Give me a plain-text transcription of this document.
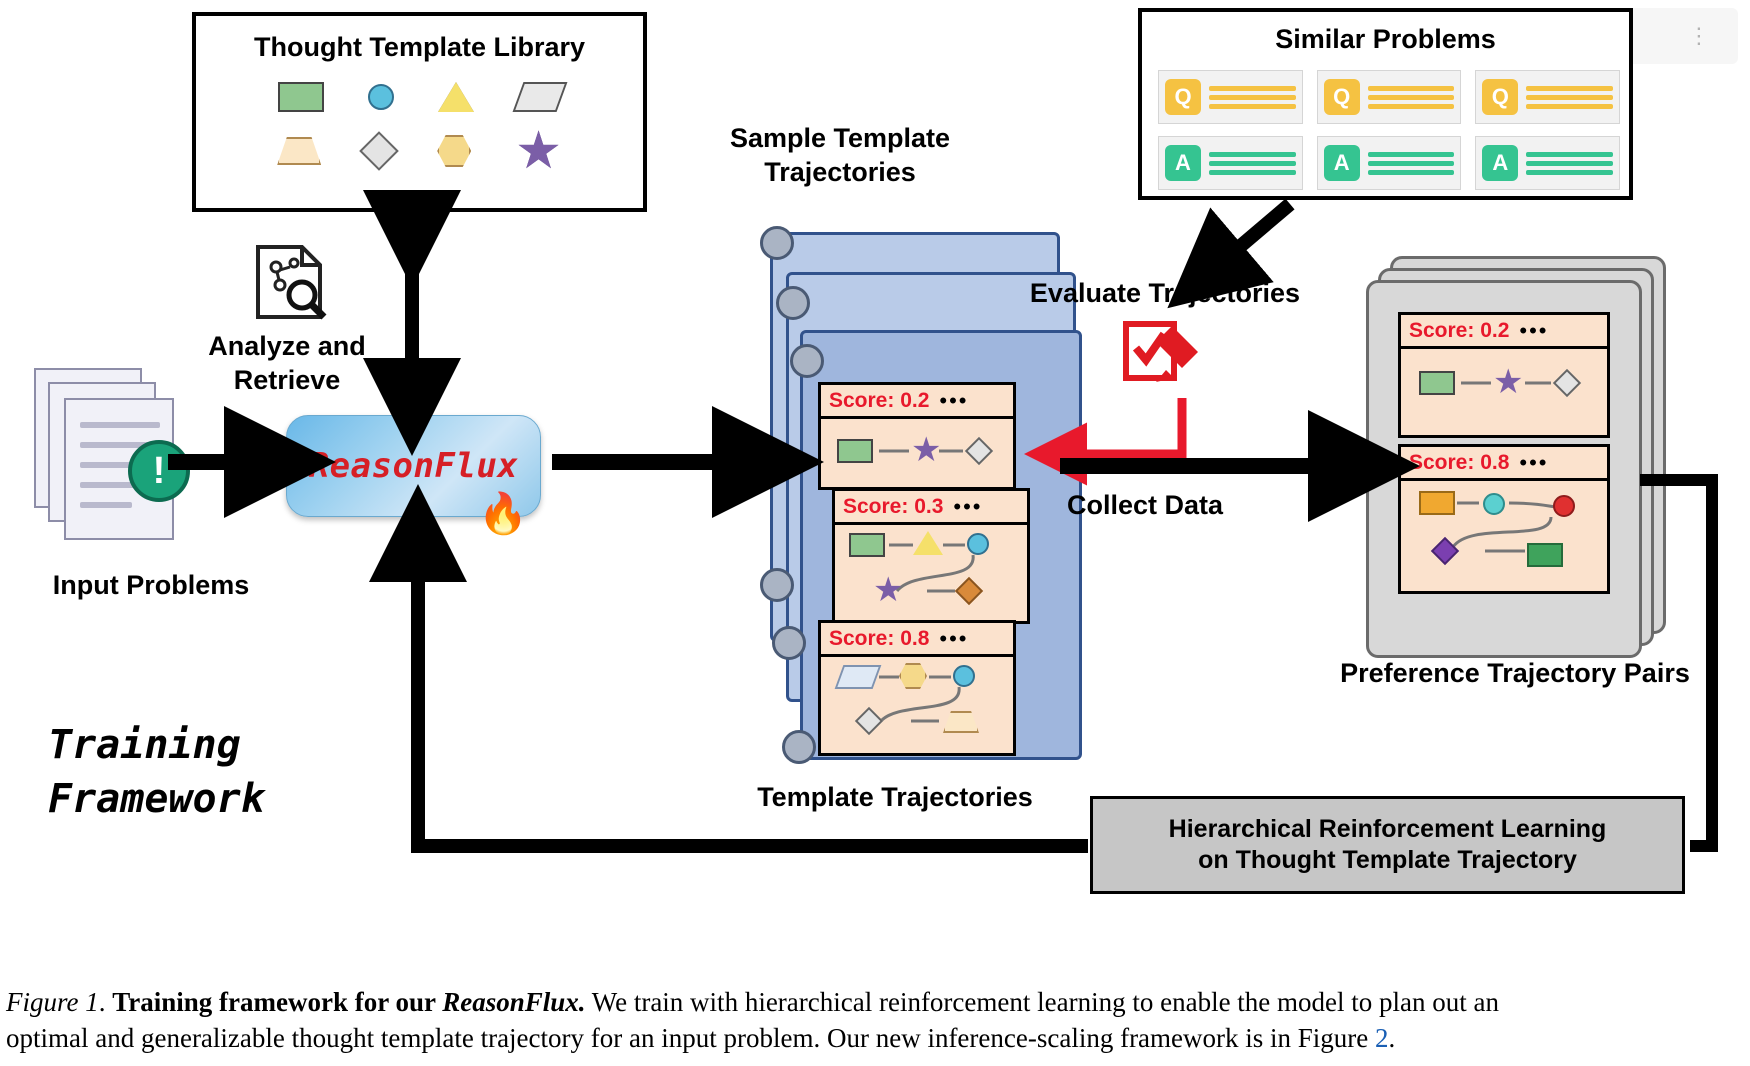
⋮
Thought Template Library
★
Similar Problems
Q	Q	Q
A	A	A
Analyze and
Retrieve
!
Input Problems
ReasonFlux
🔥
Sample Template
Trajectories
Score: 0.2 •••
★
Score: 0.3 •••
★
Score: 0.8 •••
Template Trajectories
Evaluate Trajectories
Collect Data
Score: 0.2 •••
★
Score: 0.8 •••
Preference Trajectory Pairs
Training
Framework
Hierarchical Reinforcement Learning
on Thought Template Trajectory
Figure 1. Training framework for our ReasonFlux. We train with hierarchical reinforcement learning to enable the model to plan out an
optimal and generalizable thought template trajectory for an input problem. Our new inference-scaling framework is in Figure 2.
